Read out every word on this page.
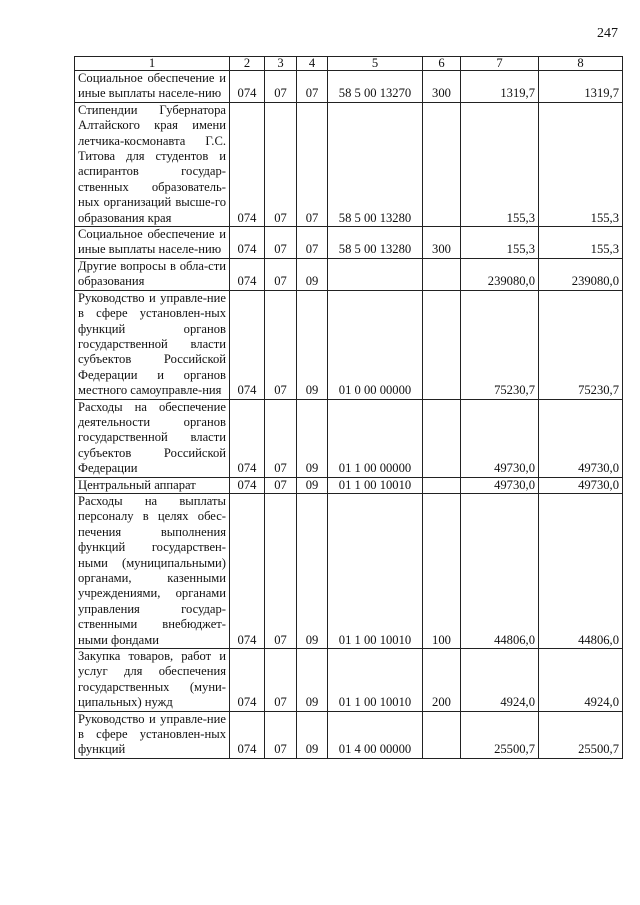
247
1	2	3	4	5	6	7	8
Социальное обеспечение и иные выплаты населе-нию	074	07	07	58 5 00 13270	300	1319,7	1319,7
Стипендии Губернатора Алтайского края имени летчика-космонавта Г.С. Титова для студентов и аспирантов государ-ственных образователь-ных организаций высше-го образования края	074	07	07	58 5 00 13280		155,3	155,3
Социальное обеспечение и иные выплаты населе-нию	074	07	07	58 5 00 13280	300	155,3	155,3
Другие вопросы в обла-сти образования	074	07	09			239080,0	239080,0
Руководство и управле-ние в сфере установлен-ных функций органов государственной власти субъектов Российской Федерации и органов местного самоуправле-ния	074	07	09	01 0 00 00000		75230,7	75230,7
Расходы на обеспечение деятельности органов государственной власти субъектов Российской Федерации	074	07	09	01 1 00 00000		49730,0	49730,0
Центральный аппарат	074	07	09	01 1 00 10010		49730,0	49730,0
Расходы на выплаты персоналу в целях обес-печения выполнения функций государствен-ными (муниципальными) органами, казенными учреждениями, органами управления государ-ственными внебюджет-ными фондами	074	07	09	01 1 00 10010	100	44806,0	44806,0
Закупка товаров, работ и услуг для обеспечения государственных (муни-ципальных) нужд	074	07	09	01 1 00 10010	200	4924,0	4924,0
Руководство и управле-ние в сфере установлен-ных функций	074	07	09	01 4 00 00000		25500,7	25500,7
